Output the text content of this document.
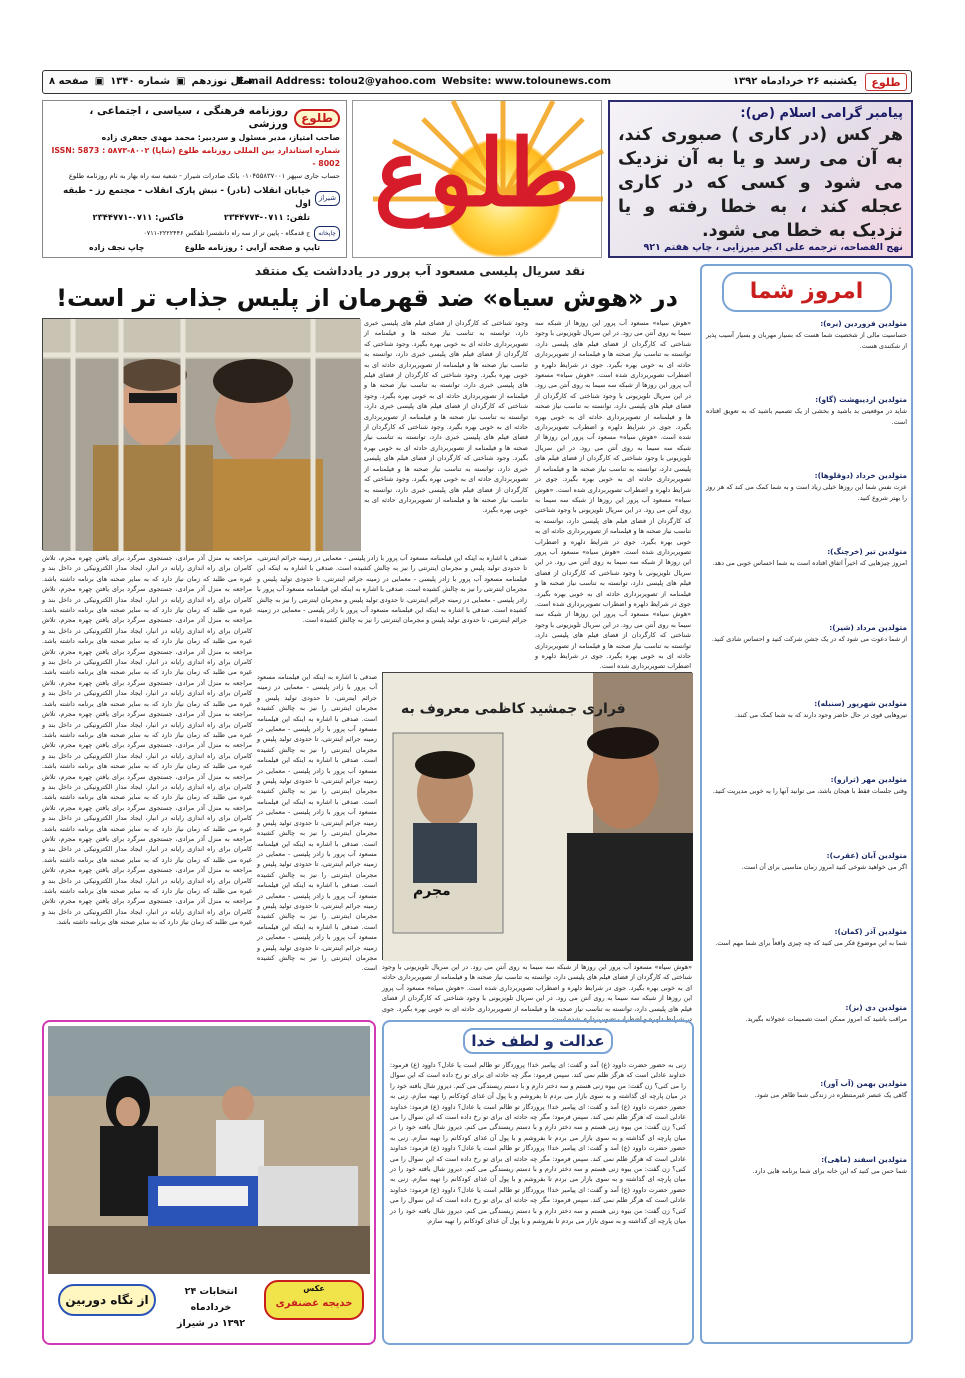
طلوع
یکشنبه ۲۶ خردادماه ۱۳۹۲
Website: www.tolounews.com
E-mail Address: tolou2@yahoo.com
سال نوزدهم
▣
شماره ۱۳۴۰
▣
صفحه ۸
پیامبر گرامی اسلام (ص):
هر کس (در کاری ) صبوری کند، به آن می رسد و یا به آن نزدیک می شود و کسی که در کاری عجله کند ، به خطا رفته و یا نزدیک به خطا می شود.
نهج الفصاحه، ترجمه علی اکبر میرزایی ، چاپ هفتم ۹۲۱
طلوع
طلوع
روزنامه فرهنگی ، سیاسی ، اجتماعی ، ورزشی
صاحب امتیاز، مدیر مسئول و سردبیر: محمد مهدی جعفری زاده
شماره استاندارد بین المللی روزنامه طلوع (شاپا) ۸۰۰۲-۵۸۷۳ : ISSN: 5873 - 8002
حساب جاری سپهر ۰۱۰۴۵۵۸۳۷۰۰۱ بانک صادرات شیراز - شعبه سه راه بهار به نام روزنامه طلوع
شیراز
خیابان انقلاب (نادر) - نبش پارک انقلاب - مجتمع رز - طبقه اول
تلفن: ۰۷۱۱-۲۳۴۴۷۷۴
فاکس: ۰۷۱۱-۲۳۴۴۷۷۱
چاپخانه
ج قدمگاه - پایین تر از سه راه دانشسرا تلفکس ۲۲۲۲۴۴۶-۰۷۱۱
تایپ و صفحه آرایی : روزنامه طلوع
چاپ نجف زاده
نقد سریال پلیسی مسعود آب پرور در یادداشت یک منتقد
در «هوش سیاه» ضد قهرمان از پلیس جذاب تر است!
«هوش سیاه» مسعود آب پرور این روزها از شبکه سه سیما به روی آنتن می رود. در این سریال تلویزیونی با وجود شناختی که کارگردان از فضای فیلم های پلیسی دارد، توانسته به تناسب نیاز صحنه ها و فیلمنامه از تصویربرداری حادثه ای به خوبی بهره بگیرد. جوی در شرایط دلهره و اضطراب تصویربرداری شده است. «هوش سیاه» مسعود آب پرور این روزها از شبکه سه سیما به روی آنتن می رود. در این سریال تلویزیونی با وجود شناختی که کارگردان از فضای فیلم های پلیسی دارد، توانسته به تناسب نیاز صحنه ها و فیلمنامه از تصویربرداری حادثه ای به خوبی بهره بگیرد. جوی در شرایط دلهره و اضطراب تصویربرداری شده است. «هوش سیاه» مسعود آب پرور این روزها از شبکه سه سیما به روی آنتن می رود. در این سریال تلویزیونی با وجود شناختی که کارگردان از فضای فیلم های پلیسی دارد، توانسته به تناسب نیاز صحنه ها و فیلمنامه از تصویربرداری حادثه ای به خوبی بهره بگیرد. جوی در شرایط دلهره و اضطراب تصویربرداری شده است. «هوش سیاه» مسعود آب پرور این روزها از شبکه سه سیما به روی آنتن می رود. در این سریال تلویزیونی با وجود شناختی که کارگردان از فضای فیلم های پلیسی دارد، توانسته به تناسب نیاز صحنه ها و فیلمنامه از تصویربرداری حادثه ای به خوبی بهره بگیرد. جوی در شرایط دلهره و اضطراب تصویربرداری شده است. «هوش سیاه» مسعود آب پرور این روزها از شبکه سه سیما به روی آنتن می رود. در این سریال تلویزیونی با وجود شناختی که کارگردان از فضای فیلم های پلیسی دارد، توانسته به تناسب نیاز صحنه ها و فیلمنامه از تصویربرداری حادثه ای به خوبی بهره بگیرد. جوی در شرایط دلهره و اضطراب تصویربرداری شده است. «هوش سیاه» مسعود آب پرور این روزها از شبکه سه سیما به روی آنتن می رود. در این سریال تلویزیونی با وجود شناختی که کارگردان از فضای فیلم های پلیسی دارد، توانسته به تناسب نیاز صحنه ها و فیلمنامه از تصویربرداری حادثه ای به خوبی بهره بگیرد. جوی در شرایط دلهره و اضطراب تصویربرداری شده است.
وجود شناختی که کارگردان از فضای فیلم های پلیسی خبری دارد، توانسته به تناسب نیاز صحنه ها و فیلمنامه از تصویربرداری حادثه ای به خوبی بهره بگیرد. وجود شناختی که کارگردان از فضای فیلم های پلیسی خبری دارد، توانسته به تناسب نیاز صحنه ها و فیلمنامه از تصویربرداری حادثه ای به خوبی بهره بگیرد. وجود شناختی که کارگردان از فضای فیلم های پلیسی خبری دارد، توانسته به تناسب نیاز صحنه ها و فیلمنامه از تصویربرداری حادثه ای به خوبی بهره بگیرد. وجود شناختی که کارگردان از فضای فیلم های پلیسی خبری دارد، توانسته به تناسب نیاز صحنه ها و فیلمنامه از تصویربرداری حادثه ای به خوبی بهره بگیرد. وجود شناختی که کارگردان از فضای فیلم های پلیسی خبری دارد، توانسته به تناسب نیاز صحنه ها و فیلمنامه از تصویربرداری حادثه ای به خوبی بهره بگیرد. وجود شناختی که کارگردان از فضای فیلم های پلیسی خبری دارد، توانسته به تناسب نیاز صحنه ها و فیلمنامه از تصویربرداری حادثه ای به خوبی بهره بگیرد. وجود شناختی که کارگردان از فضای فیلم های پلیسی خبری دارد، توانسته به تناسب نیاز صحنه ها و فیلمنامه از تصویربرداری حادثه ای به خوبی بهره بگیرد.
صدقی با اشاره به اینکه این فیلمنامه مسعود آب پرور با زادر پلیسی - معمایی در زمینه جرائم اینترنتی، تا حدودی تولید پلیس و مجرمان اینترنتی را نیز به چالش کشیده است. صدقی با اشاره به اینکه این فیلمنامه مسعود آب پرور با زادر پلیسی - معمایی در زمینه جرائم اینترنتی، تا حدودی تولید پلیس و مجرمان اینترنتی را نیز به چالش کشیده است. صدقی با اشاره به اینکه این فیلمنامه مسعود آب پرور با زادر پلیسی - معمایی در زمینه جرائم اینترنتی، تا حدودی تولید پلیس و مجرمان اینترنتی را نیز به چالش کشیده است. صدقی با اشاره به اینکه این فیلمنامه مسعود آب پرور با زادر پلیسی - معمایی در زمینه جرائم اینترنتی، تا حدودی تولید پلیس و مجرمان اینترنتی را نیز به چالش کشیده است.
مراجعه به منزل آذر مرادی، جستجوی سرگرد برای یافتن چهره مجرم، تلاش کامران برای راه اندازی رایانه در انبار، ایجاد مدار الکترونیکی در داخل بند و غیره می طلبد که زمان نیاز دارد که به سایر صحنه های برنامه داشته باشد. مراجعه به منزل آذر مرادی، جستجوی سرگرد برای یافتن چهره مجرم، تلاش کامران برای راه اندازی رایانه در انبار، ایجاد مدار الکترونیکی در داخل بند و غیره می طلبد که زمان نیاز دارد که به سایر صحنه های برنامه داشته باشد. مراجعه به منزل آذر مرادی، جستجوی سرگرد برای یافتن چهره مجرم، تلاش کامران برای راه اندازی رایانه در انبار، ایجاد مدار الکترونیکی در داخل بند و غیره می طلبد که زمان نیاز دارد که به سایر صحنه های برنامه داشته باشد. مراجعه به منزل آذر مرادی، جستجوی سرگرد برای یافتن چهره مجرم، تلاش کامران برای راه اندازی رایانه در انبار، ایجاد مدار الکترونیکی در داخل بند و غیره می طلبد که زمان نیاز دارد که به سایر صحنه های برنامه داشته باشد. مراجعه به منزل آذر مرادی، جستجوی سرگرد برای یافتن چهره مجرم، تلاش کامران برای راه اندازی رایانه در انبار، ایجاد مدار الکترونیکی در داخل بند و غیره می طلبد که زمان نیاز دارد که به سایر صحنه های برنامه داشته باشد. مراجعه به منزل آذر مرادی، جستجوی سرگرد برای یافتن چهره مجرم، تلاش کامران برای راه اندازی رایانه در انبار، ایجاد مدار الکترونیکی در داخل بند و غیره می طلبد که زمان نیاز دارد که به سایر صحنه های برنامه داشته باشد. مراجعه به منزل آذر مرادی، جستجوی سرگرد برای یافتن چهره مجرم، تلاش کامران برای راه اندازی رایانه در انبار، ایجاد مدار الکترونیکی در داخل بند و غیره می طلبد که زمان نیاز دارد که به سایر صحنه های برنامه داشته باشد. مراجعه به منزل آذر مرادی، جستجوی سرگرد برای یافتن چهره مجرم، تلاش کامران برای راه اندازی رایانه در انبار، ایجاد مدار الکترونیکی در داخل بند و غیره می طلبد که زمان نیاز دارد که به سایر صحنه های برنامه داشته باشد. مراجعه به منزل آذر مرادی، جستجوی سرگرد برای یافتن چهره مجرم، تلاش کامران برای راه اندازی رایانه در انبار، ایجاد مدار الکترونیکی در داخل بند و غیره می طلبد که زمان نیاز دارد که به سایر صحنه های برنامه داشته باشد. مراجعه به منزل آذر مرادی، جستجوی سرگرد برای یافتن چهره مجرم، تلاش کامران برای راه اندازی رایانه در انبار، ایجاد مدار الکترونیکی در داخل بند و غیره می طلبد که زمان نیاز دارد که به سایر صحنه های برنامه داشته باشد. مراجعه به منزل آذر مرادی، جستجوی سرگرد برای یافتن چهره مجرم، تلاش کامران برای راه اندازی رایانه در انبار، ایجاد مدار الکترونیکی در داخل بند و غیره می طلبد که زمان نیاز دارد که به سایر صحنه های برنامه داشته باشد. مراجعه به منزل آذر مرادی، جستجوی سرگرد برای یافتن چهره مجرم، تلاش کامران برای راه اندازی رایانه در انبار، ایجاد مدار الکترونیکی در داخل بند و غیره می طلبد که زمان نیاز دارد که به سایر صحنه های برنامه داشته باشد.
صدقی با اشاره به اینکه این فیلمنامه مسعود آب پرور با زادر پلیسی - معمایی در زمینه جرائم اینترنتی، تا حدودی تولید پلیس و مجرمان اینترنتی را نیز به چالش کشیده است. صدقی با اشاره به اینکه این فیلمنامه مسعود آب پرور با زادر پلیسی - معمایی در زمینه جرائم اینترنتی، تا حدودی تولید پلیس و مجرمان اینترنتی را نیز به چالش کشیده است. صدقی با اشاره به اینکه این فیلمنامه مسعود آب پرور با زادر پلیسی - معمایی در زمینه جرائم اینترنتی، تا حدودی تولید پلیس و مجرمان اینترنتی را نیز به چالش کشیده است. صدقی با اشاره به اینکه این فیلمنامه مسعود آب پرور با زادر پلیسی - معمایی در زمینه جرائم اینترنتی، تا حدودی تولید پلیس و مجرمان اینترنتی را نیز به چالش کشیده است. صدقی با اشاره به اینکه این فیلمنامه مسعود آب پرور با زادر پلیسی - معمایی در زمینه جرائم اینترنتی، تا حدودی تولید پلیس و مجرمان اینترنتی را نیز به چالش کشیده است. صدقی با اشاره به اینکه این فیلمنامه مسعود آب پرور با زادر پلیسی - معمایی در زمینه جرائم اینترنتی، تا حدودی تولید پلیس و مجرمان اینترنتی را نیز به چالش کشیده است. صدقی با اشاره به اینکه این فیلمنامه مسعود آب پرور با زادر پلیسی - معمایی در زمینه جرائم اینترنتی، تا حدودی تولید پلیس و مجرمان اینترنتی را نیز به چالش کشیده است. «هوش سیاه» مسعود آب پرور این روزها از شبکه سه سیما به روی آنتن می رود. در این سریال تلویزیونی با وجود شناختی که کارگردان از فضای فیلم های پلیسی دارد، توانسته به تناسب نیاز صحنه ها و فیلمنامه از تصویربرداری حادثه ای به خوبی بهره بگیرد. جوی در شرایط دلهره و اضطراب تصویربرداری شده است. «هوش سیاه» مسعود آب پرور این روزها از شبکه سه سیما به روی آنتن می رود. در این سریال تلویزیونی با وجود شناختی که کارگردان از فضای فیلم های پلیسی دارد، توانسته به تناسب نیاز صحنه ها و فیلمنامه از تصویربرداری حادثه ای به خوبی بهره بگیرد. جوی در شرایط دلهره و اضطراب تصویربرداری شده است.
فراری جمشید کاظمی معروف به
مجرم
امروز شما
متولدین فروردین (بره):
حساسیت مالی از شخصیت شما هست که بسیار مهربان و بسیار آسیب پذیر از شکنندی هست.
متولدین اردیبهشت (گاو):
شاید در موقعیتی بد باشید و بخشی از یک تصمیم باشید که به تعویق افتاده است.
متولدین خرداد (دوقلوها):
عزت نفس شما این روزها خیلی زیاد است و به شما کمک می کند که هر روز را بهتر شروع کنید.
متولدین تیر (خرچنگ):
امروز چیزهایی که اخیراً اتفاق افتاده است به شما احساس خوبی می دهد.
متولدین مرداد (شیر):
از شما دعوت می شود که در یک جشن شرکت کنید و احساس شادی کنید.
متولدین شهریور (سنبله):
نیروهایی قوی در حال حاضر وجود دارند که به شما کمک می کنند.
متولدین مهر (ترازو):
وقتی جلسات فقط با هیجان باشد، می توانید آنها را به خوبی مدیریت کنید.
متولدین آبان (عقرب):
اگر می خواهید شوخی کنید امروز زمان مناسبی برای آن است.
متولدین آذر (کمان):
شما به این موضوع فکر می کنید که چه چیزی واقعاً برای شما مهم است.
متولدین دی (بز):
مراقب باشید که امروز ممکن است تصمیمات عجولانه بگیرید.
متولدین بهمن (آب آور):
گاهی یک عنصر غیرمنتظره در زندگی شما ظاهر می شود.
متولدین اسفند (ماهی):
شما حس می کنید که این خانه برای شما برنامه هایی دارد.
عدالت و لطف خدا
زنی به حضور حضرت داوود (ع) آمد و گفت: ای پیامبر خدا! پروردگار تو ظالم است یا عادل؟ داوود (ع) فرمود: خداوند عادلی است که هرگز ظلم نمی کند. سپس فرمود: مگر چه حادثه ای برای تو رخ داده است که این سوال را می کنی؟ زن گفت: من بیوه زنی هستم و سه دختر دارم و با دستم ریسندگی می کنم. دیروز شال بافته خود را در میان پارچه ای گذاشته و به سوی بازار می بردم تا بفروشم و با پول آن غذای کودکانم را تهیه سازم. زنی به حضور حضرت داوود (ع) آمد و گفت: ای پیامبر خدا! پروردگار تو ظالم است یا عادل؟ داوود (ع) فرمود: خداوند عادلی است که هرگز ظلم نمی کند. سپس فرمود: مگر چه حادثه ای برای تو رخ داده است که این سوال را می کنی؟ زن گفت: من بیوه زنی هستم و سه دختر دارم و با دستم ریسندگی می کنم. دیروز شال بافته خود را در میان پارچه ای گذاشته و به سوی بازار می بردم تا بفروشم و با پول آن غذای کودکانم را تهیه سازم. زنی به حضور حضرت داوود (ع) آمد و گفت: ای پیامبر خدا! پروردگار تو ظالم است یا عادل؟ داوود (ع) فرمود: خداوند عادلی است که هرگز ظلم نمی کند. سپس فرمود: مگر چه حادثه ای برای تو رخ داده است که این سوال را می کنی؟ زن گفت: من بیوه زنی هستم و سه دختر دارم و با دستم ریسندگی می کنم. دیروز شال بافته خود را در میان پارچه ای گذاشته و به سوی بازار می بردم تا بفروشم و با پول آن غذای کودکانم را تهیه سازم. زنی به حضور حضرت داوود (ع) آمد و گفت: ای پیامبر خدا! پروردگار تو ظالم است یا عادل؟ داوود (ع) فرمود: خداوند عادلی است که هرگز ظلم نمی کند. سپس فرمود: مگر چه حادثه ای برای تو رخ داده است که این سوال را می کنی؟ زن گفت: من بیوه زنی هستم و سه دختر دارم و با دستم ریسندگی می کنم. دیروز شال بافته خود را در میان پارچه ای گذاشته و به سوی بازار می بردم تا بفروشم و با پول آن غذای کودکانم را تهیه سازم.
از نگاه دوربین
انتخابات ۲۴ خردادماه
۱۳۹۲ در شیراز
عکس
خدیجه غضنفری
